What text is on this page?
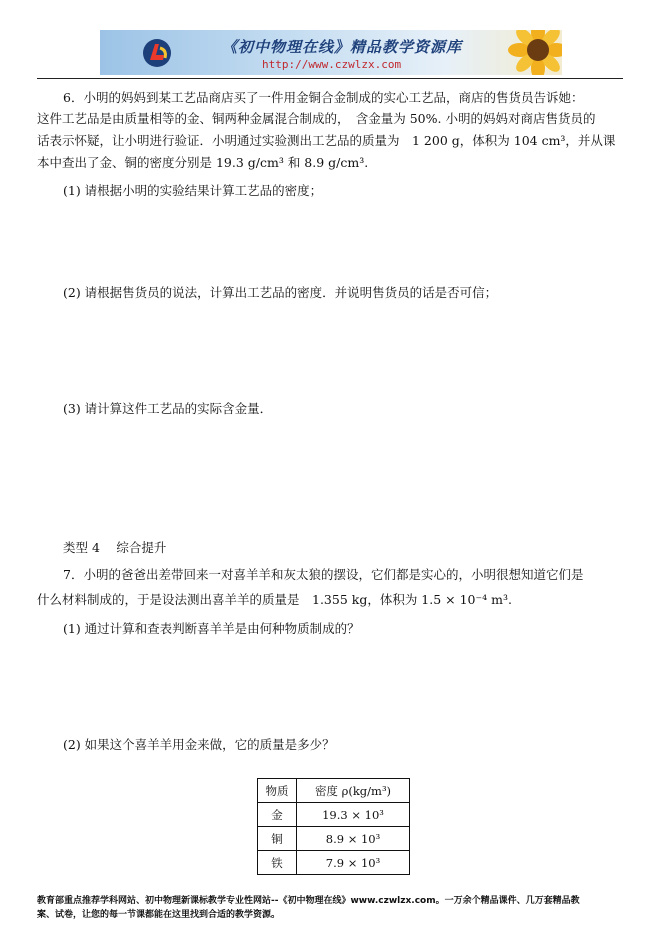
《初中物理在线》精品教学资源库
http://www.czwlzx.com
6．小明的妈妈到某工艺品商店买了一件用金铜合金制成的实心工艺品，商店的售货员告诉她：
这件工艺品是由质量相等的金、铜两种金属混合制成的，　含金量为 50%. 小明的妈妈对商店售货员的
话表示怀疑，让小明进行验证．小明通过实验测出工艺品的质量为　1 200 g，体积为 104 cm³，并从课
本中查出了金、铜的密度分别是 19.3 g/cm³ 和 8.9 g/cm³.
(1) 请根据小明的实验结果计算工艺品的密度；
(2) 请根据售货员的说法，计算出工艺品的密度．并说明售货员的话是否可信；
(3) 请计算这件工艺品的实际含金量．
类型 4　 综合提升
7．小明的爸爸出差带回来一对喜羊羊和灰太狼的摆设，它们都是实心的，小明很想知道它们是
什么材料制成的，于是设法测出喜羊羊的质量是　1.355 kg，体积为 1.5 × 10⁻⁴ m³.
(1) 通过计算和查表判断喜羊羊是由何种物质制成的？
(2) 如果这个喜羊羊用金来做，它的质量是多少？
物质	密度 ρ(kg/m³)
金	19.3 × 10³
铜	8.9 × 10³
铁	7.9 × 10³
教育部重点推荐学科网站、初中物理新课标教学专业性网站--《初中物理在线》www.czwlzx.com。一万余个精品课件、几万套精品教
案、试卷，让您的每一节课都能在这里找到合适的教学资源。
